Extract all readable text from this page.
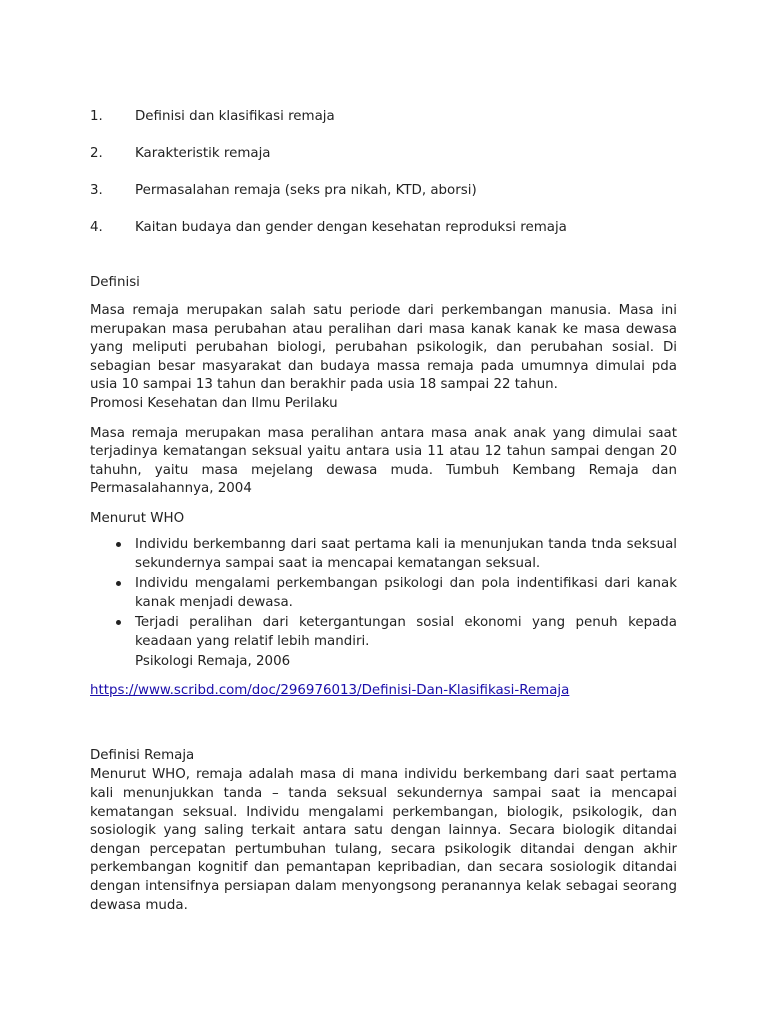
1.	Definisi dan klasifikasi remaja
2.	Karakteristik remaja
3.	Permasalahan remaja (seks pra nikah, KTD, aborsi)
4.	Kaitan budaya dan gender dengan kesehatan reproduksi remaja
Definisi

Masa remaja merupakan salah satu periode dari perkembangan manusia. Masa ini merupakan masa perubahan atau peralihan dari masa kanak kanak ke masa dewasa yang meliputi perubahan biologi, perubahan psikologik, dan perubahan sosial. Di sebagian besar masyarakat dan budaya massa remaja pada umumnya dimulai pda usia 10 sampai 13 tahun dan berakhir pada usia 18 sampai 22 tahun.

Promosi Kesehatan dan Ilmu Perilaku

Masa remaja merupakan masa peralihan antara masa anak anak yang dimulai saat terjadinya kematangan seksual yaitu antara usia 11 atau 12 tahun sampai dengan 20 tahuhn, yaitu masa mejelang dewasa muda. Tumbuh Kembang Remaja dan Permasalahannya, 2004

Menurut WHO
Individu berkembanng dari saat pertama kali ia menunjukan tanda tnda seksual sekundernya sampai saat ia mencapai kematangan seksual.
Individu mengalami perkembangan psikologi dan pola indentifikasi dari kanak kanak menjadi dewasa.
Terjadi peralihan dari ketergantungan sosial ekonomi yang penuh kepada keadaan yang relatif lebih mandiri.
Psikologi Remaja, 2006
https://www.scribd.com/doc/296976013/Definisi-Dan-Klasifikasi-Remaja
Definisi Remaja

Menurut WHO, remaja adalah masa di mana individu berkembang dari saat pertama kali menunjukkan tanda – tanda seksual sekundernya sampai saat ia mencapai kematangan seksual. Individu mengalami perkembangan, biologik, psikologik, dan sosiologik yang saling terkait antara satu dengan lainnya. Secara biologik ditandai dengan percepatan pertumbuhan tulang, secara psikologik ditandai dengan akhir perkembangan kognitif dan pemantapan kepribadian, dan secara sosiologik ditandai dengan intensifnya persiapan dalam menyongsong peranannya kelak sebagai seorang dewasa muda.
